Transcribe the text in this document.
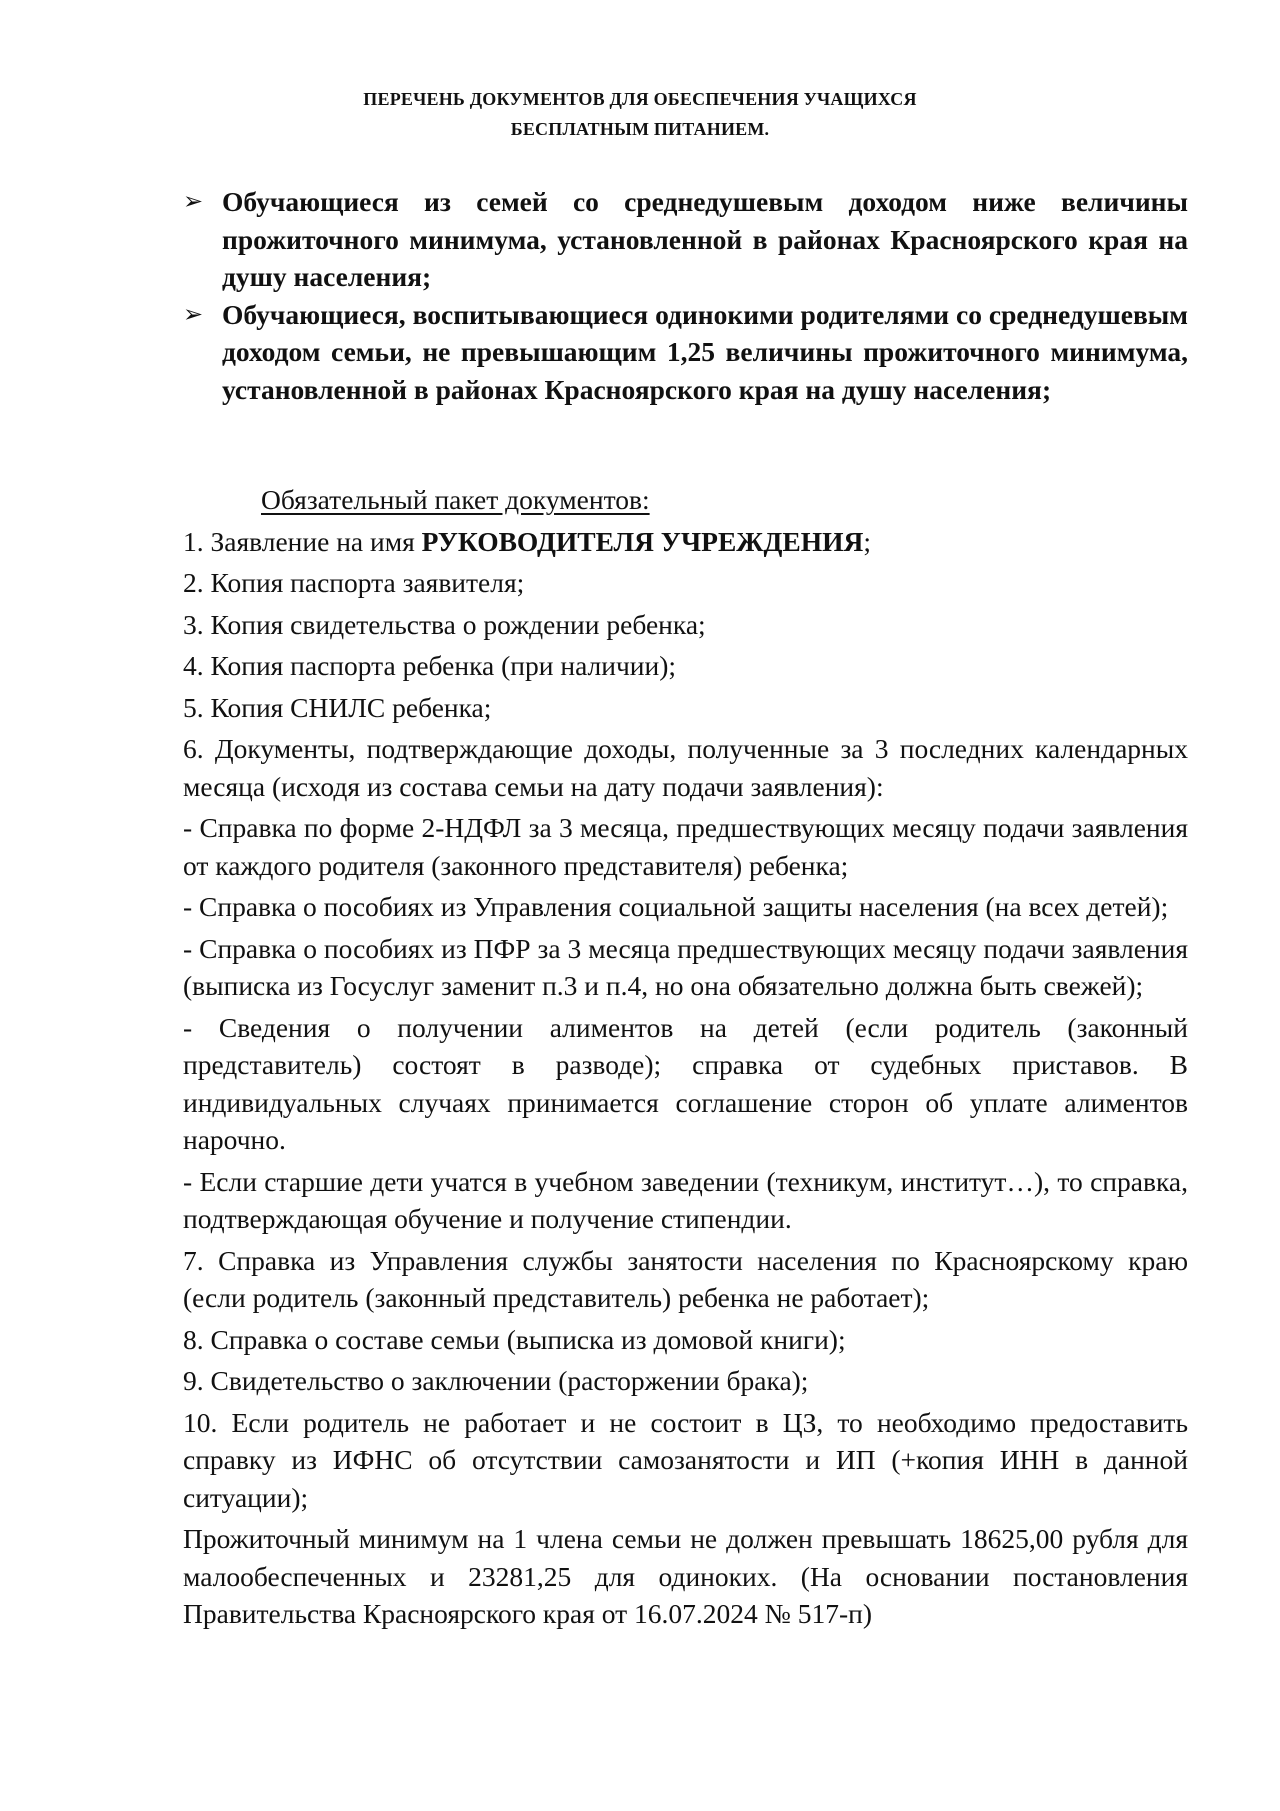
ПЕРЕЧЕНЬ ДОКУМЕНТОВ ДЛЯ ОБЕСПЕЧЕНИЯ УЧАЩИХСЯ
БЕСПЛАТНЫМ ПИТАНИЕМ.
➢ Обучающиеся из семей со среднедушевым доходом ниже величины прожиточного минимума, установленной в районах Красноярского края на душу населения;
➢ Обучающиеся, воспитывающиеся одинокими родителями со среднедушевым доходом семьи, не превышающим 1,25 величины прожиточного минимума, установленной в районах Красноярского края на душу населения;
Обязательный пакет документов:
1. Заявление на имя РУКОВОДИТЕЛЯ УЧРЕЖДЕНИЯ;
2. Копия паспорта заявителя;
3. Копия свидетельства о рождении ребенка;
4. Копия паспорта ребенка (при наличии);
5. Копия СНИЛС ребенка;
6. Документы, подтверждающие доходы, полученные за 3 последних календарных месяца (исходя из состава семьи на дату подачи заявления):
- Справка по форме 2-НДФЛ за 3 месяца, предшествующих месяцу подачи заявления от каждого родителя (законного представителя) ребенка;
- Справка о пособиях из Управления социальной защиты населения (на всех детей);
- Справка о пособиях из ПФР за 3 месяца предшествующих месяцу подачи заявления (выписка из Госуслуг заменит п.3 и п.4, но она обязательно должна быть свежей);
- Сведения о получении алиментов на детей (если родитель (законный представитель) состоят в разводе); справка от судебных приставов. В индивидуальных случаях принимается соглашение сторон об уплате алиментов нарочно.
- Если старшие дети учатся в учебном заведении (техникум, институт…), то справка, подтверждающая обучение и получение стипендии.
7. Справка из Управления службы занятости населения по Красноярскому краю (если родитель (законный представитель) ребенка не работает);
8. Справка о составе семьи (выписка из домовой книги);
9. Свидетельство о заключении (расторжении брака);
10. Если родитель не работает и не состоит в ЦЗ, то необходимо предоставить справку из ИФНС об отсутствии самозанятости и ИП (+копия ИНН в данной ситуации);
Прожиточный минимум на 1 члена семьи не должен превышать 18625,00 рубля для малообеспеченных и 23281,25 для одиноких. (На основании постановления Правительства Красноярского края от 16.07.2024 № 517-п)
